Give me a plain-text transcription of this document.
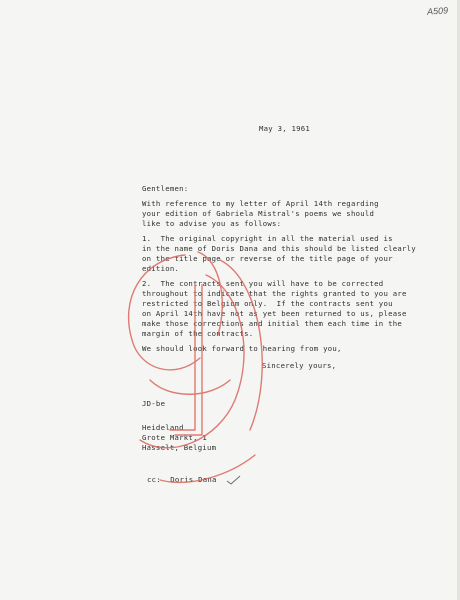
A509
May 3, 1961
Gentlemen:
With reference to my letter of April 14th regarding
your edition of Gabriela Mistral's poems we should
like to advise you as follows:
1.  The original copyright in all the material used is
in the name of Doris Dana and this should be listed clearly
on the title page or reverse of the title page of your
edition.
2.  The contracts sent you will have to be corrected
throughout to indicate that the rights granted to you are
restricted to Belgium only.  If the contracts sent you
on April 14th have not as yet been returned to us, please
make those corrections and initial them each time in the
margin of the contracts.
We should look forward to hearing from you,
Sincerely yours,
JD-be
Heideland
Grote Markt, 1
Hasselt, Belgium
cc:  Doris Dana
